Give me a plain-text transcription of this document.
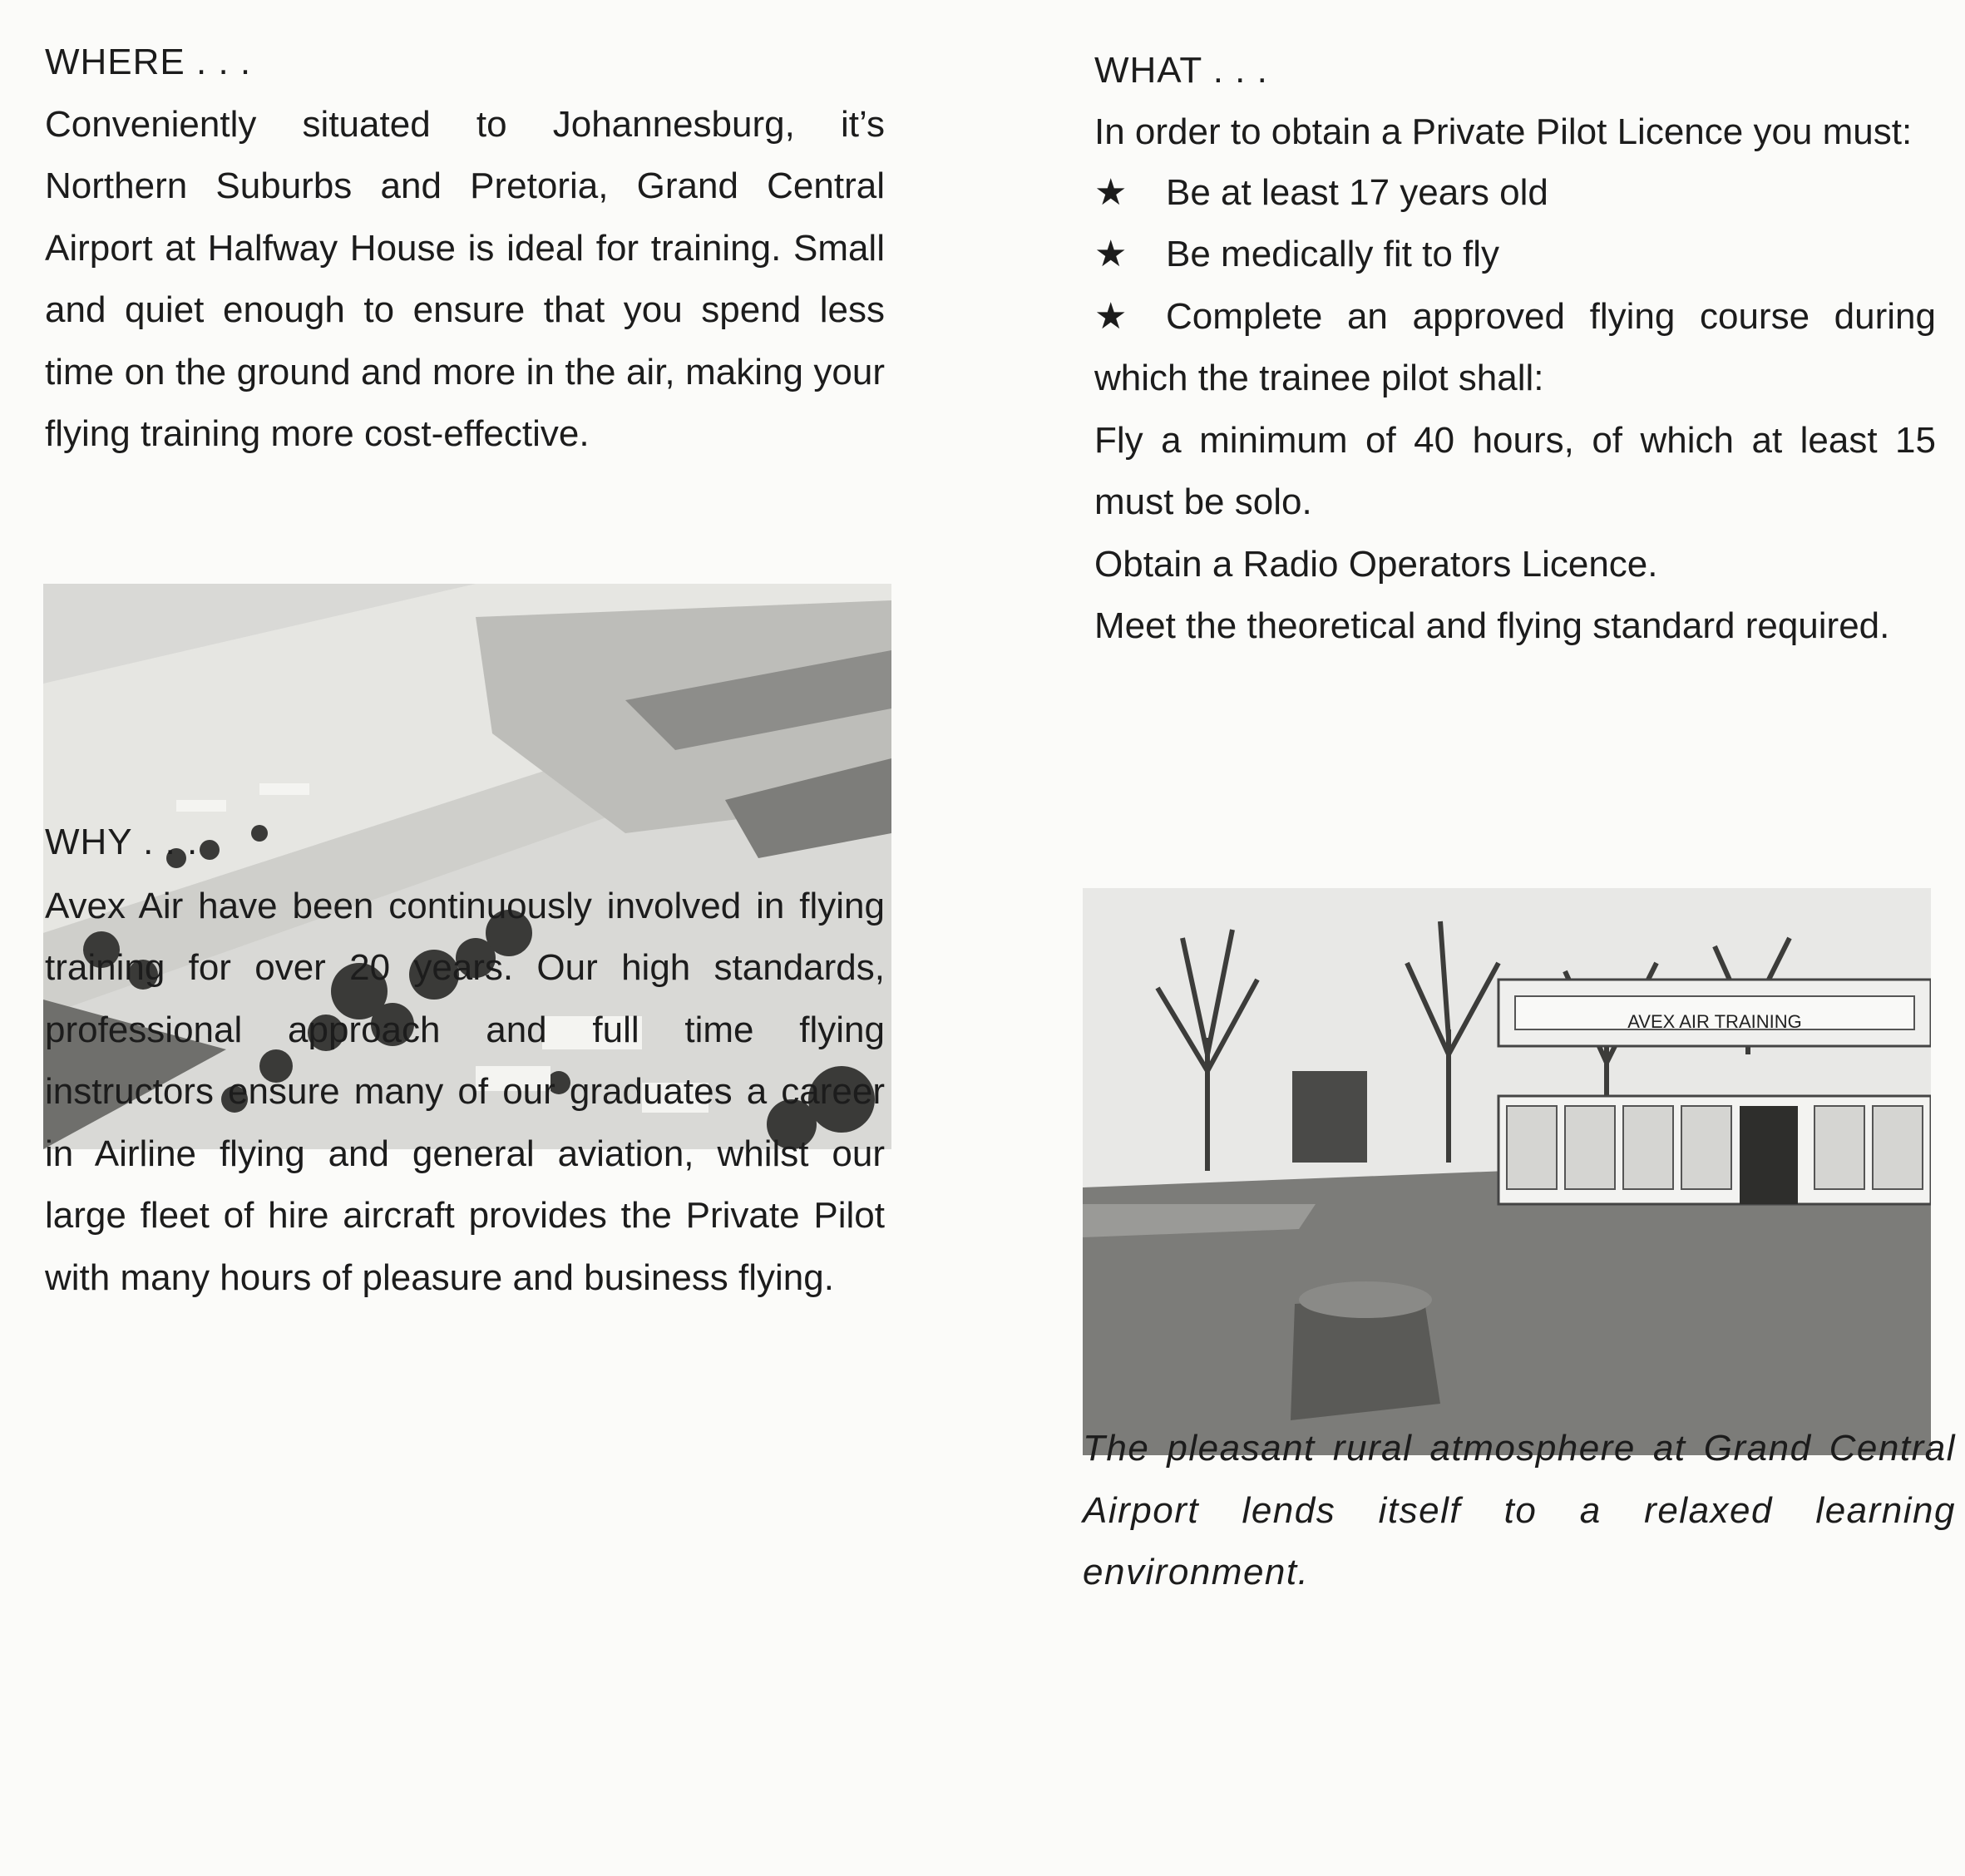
WHERE . . .

Conveniently situated to Johannesburg, it’s Northern Suburbs and Pretoria, Grand Central Airport at Halfway House is ideal for training. Small and quiet enough to ensure that you spend less time on the ground and more in the air, making your flying training more cost-effective.

WHY . . .

Avex Air have been continuously involved in flying training for over 20 years. Our high standards, professional approach and full time flying instructors ensure many of our graduates a career in Airline flying and general aviation, whilst our large fleet of hire aircraft provides the Private Pilot with many hours of pleasure and business flying.

WHAT . . .

In order to obtain a Private Pilot Licence you must:

★	Be at least 17 years old
★	Be medically fit to fly

★ Complete an approved flying course during which the trainee pilot shall:

Fly a minimum of 40 hours, of which at least 15 must be solo.

Obtain a Radio Operators Licence.

Meet the theoretical and flying standard required.

AVEX AIR TRAINING

The pleasant rural atmosphere at Grand Central Airport lends itself to a relaxed learning environment.
